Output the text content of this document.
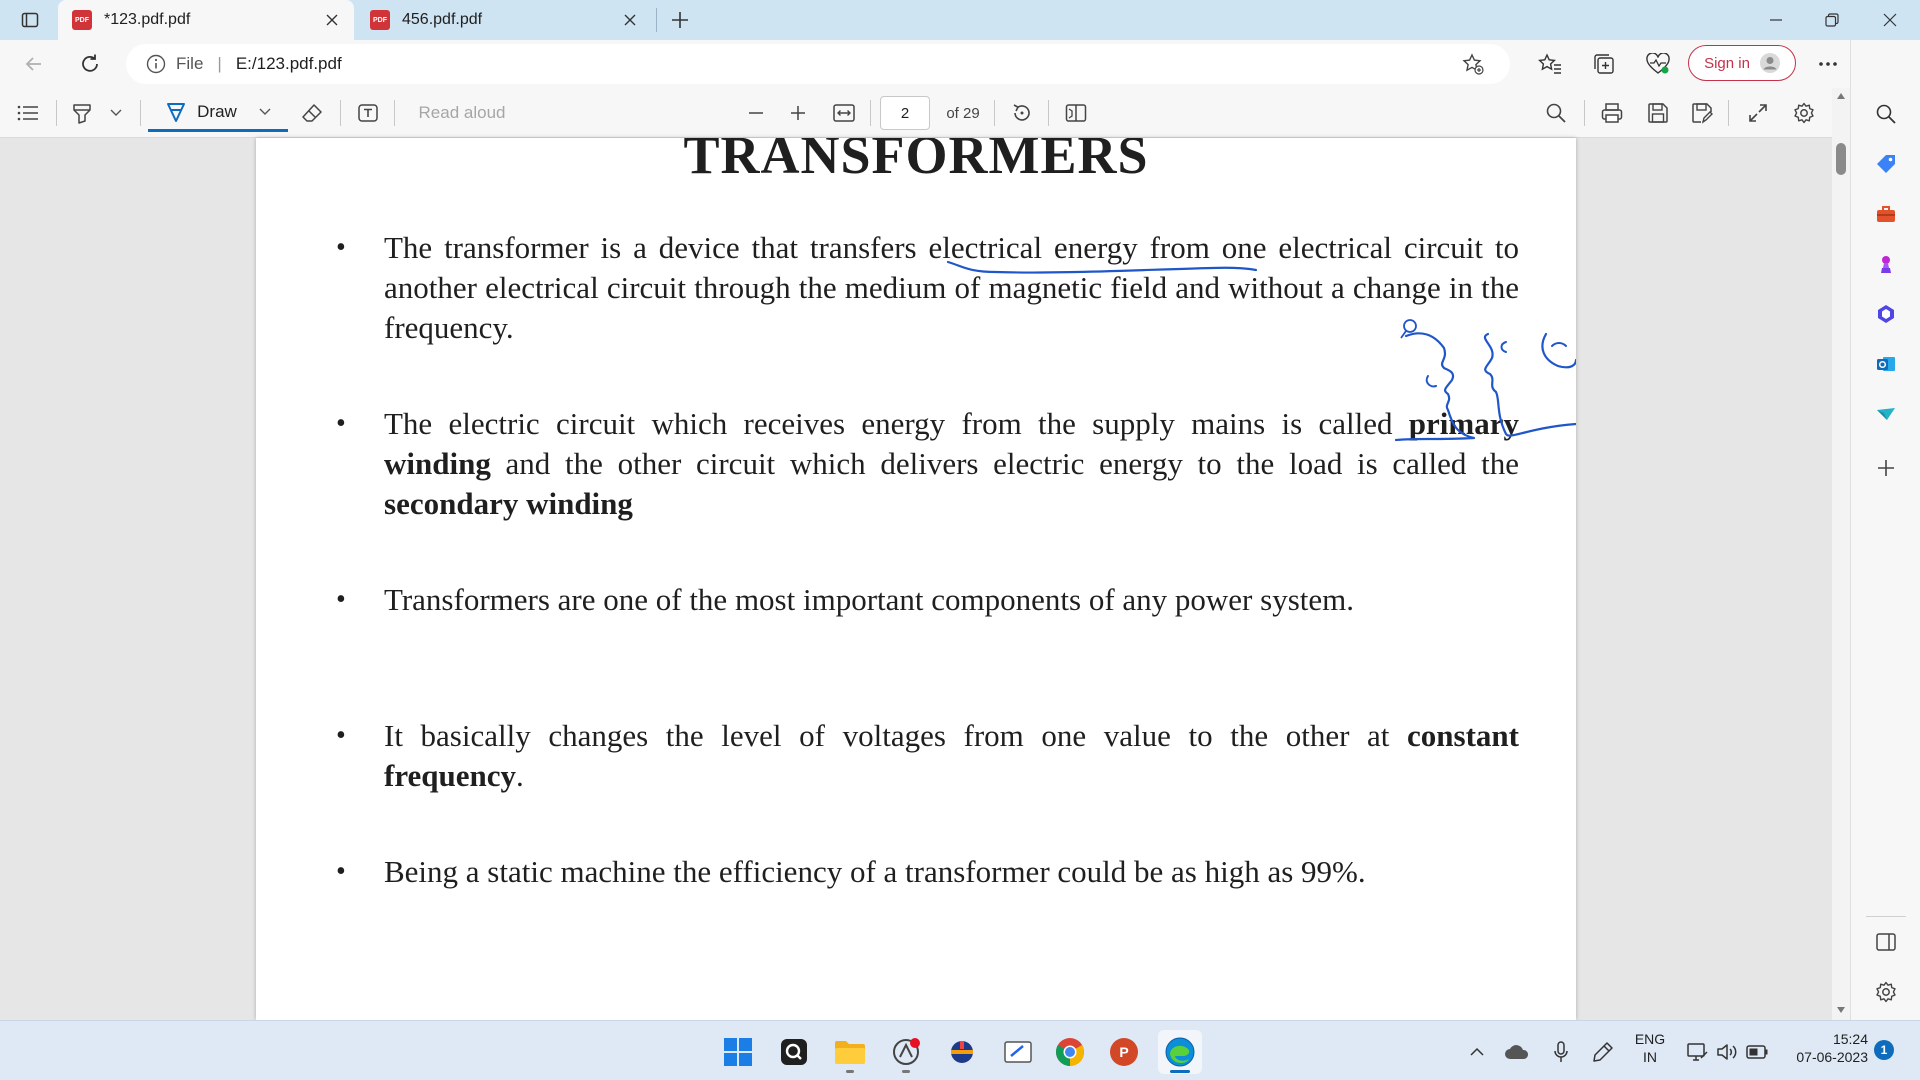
PDF *123.pdf.pdf	PDF 456.pdf.pdf
File | E:/123.pdf.pdf	Sign in
Draw	Read aloud	2	of 29
TRANSFORMERS
• The transformer is a device that transfers electrical energy from one electrical circuit to another electrical circuit through the medium of magnetic field and without a change in the frequency.
• The electric circuit which receives energy from the supply mains is called primary winding and the other circuit which delivers electric energy to the load is called the secondary winding
• Transformers are one of the most important components of any power system.
• It basically changes the level of voltages from one value to the other at constant frequency.
• Being a static machine the efficiency of a transformer could be as high as 99%.
P
ENG
IN
15:24
07-06-2023	1
